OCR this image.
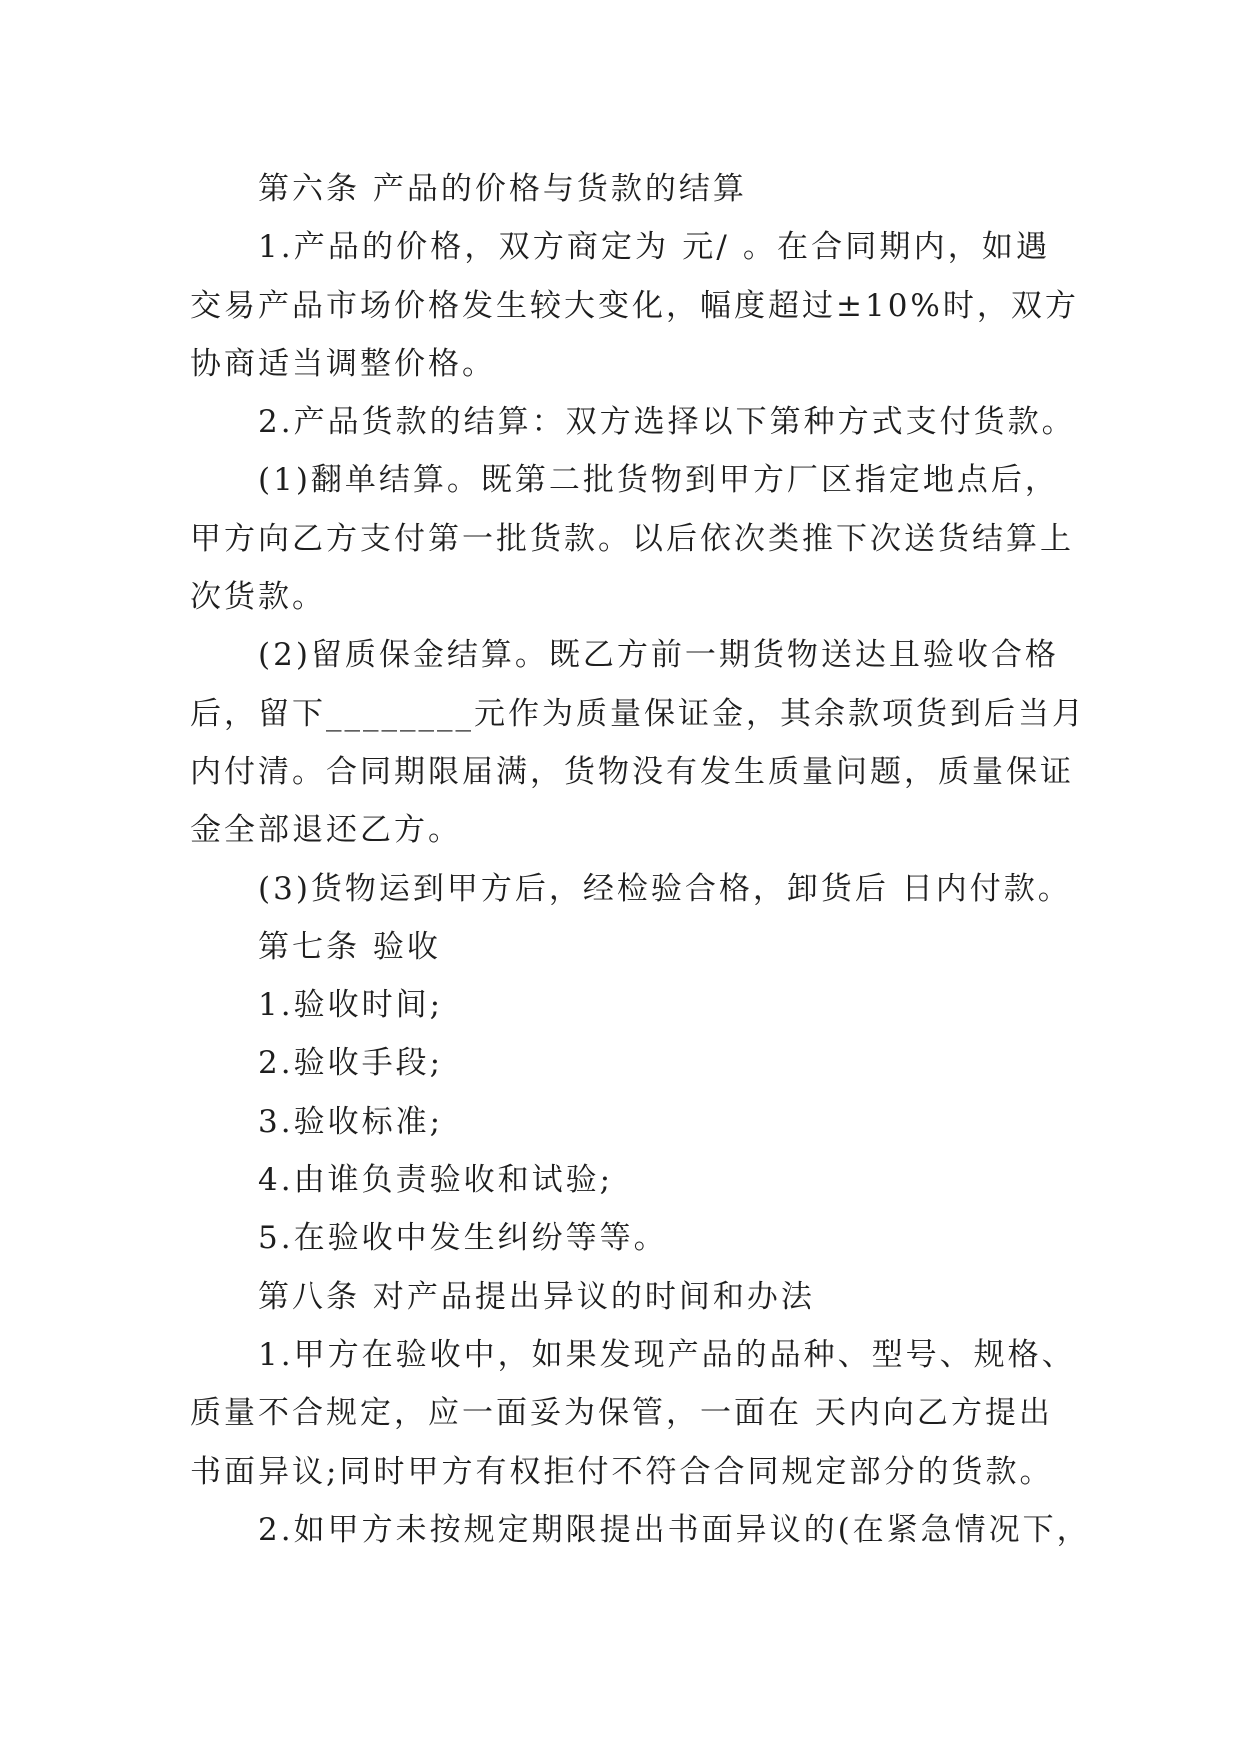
第六条 产品的价格与货款的结算
1.产品的价格，双方商定为 元/ 。在合同期内，如遇
交易产品市场价格发生较大变化，幅度超过±10%时，双方
协商适当调整价格。
2.产品货款的结算：双方选择以下第种方式支付货款。
(1)翻单结算。既第二批货物到甲方厂区指定地点后，
甲方向乙方支付第一批货款。以后依次类推下次送货结算上
次货款。
(2)留质保金结算。既乙方前一期货物送达且验收合格
后，留下________元作为质量保证金，其余款项货到后当月
内付清。合同期限届满，货物没有发生质量问题，质量保证
金全部退还乙方。
(3)货物运到甲方后，经检验合格，卸货后 日内付款。
第七条 验收
1.验收时间;
2.验收手段;
3.验收标准;
4.由谁负责验收和试验;
5.在验收中发生纠纷等等。
第八条 对产品提出异议的时间和办法
1.甲方在验收中，如果发现产品的品种、型号、规格、
质量不合规定，应一面妥为保管，一面在 天内向乙方提出
书面异议;同时甲方有权拒付不符合合同规定部分的货款。
2.如甲方未按规定期限提出书面异议的(在紧急情况下，
